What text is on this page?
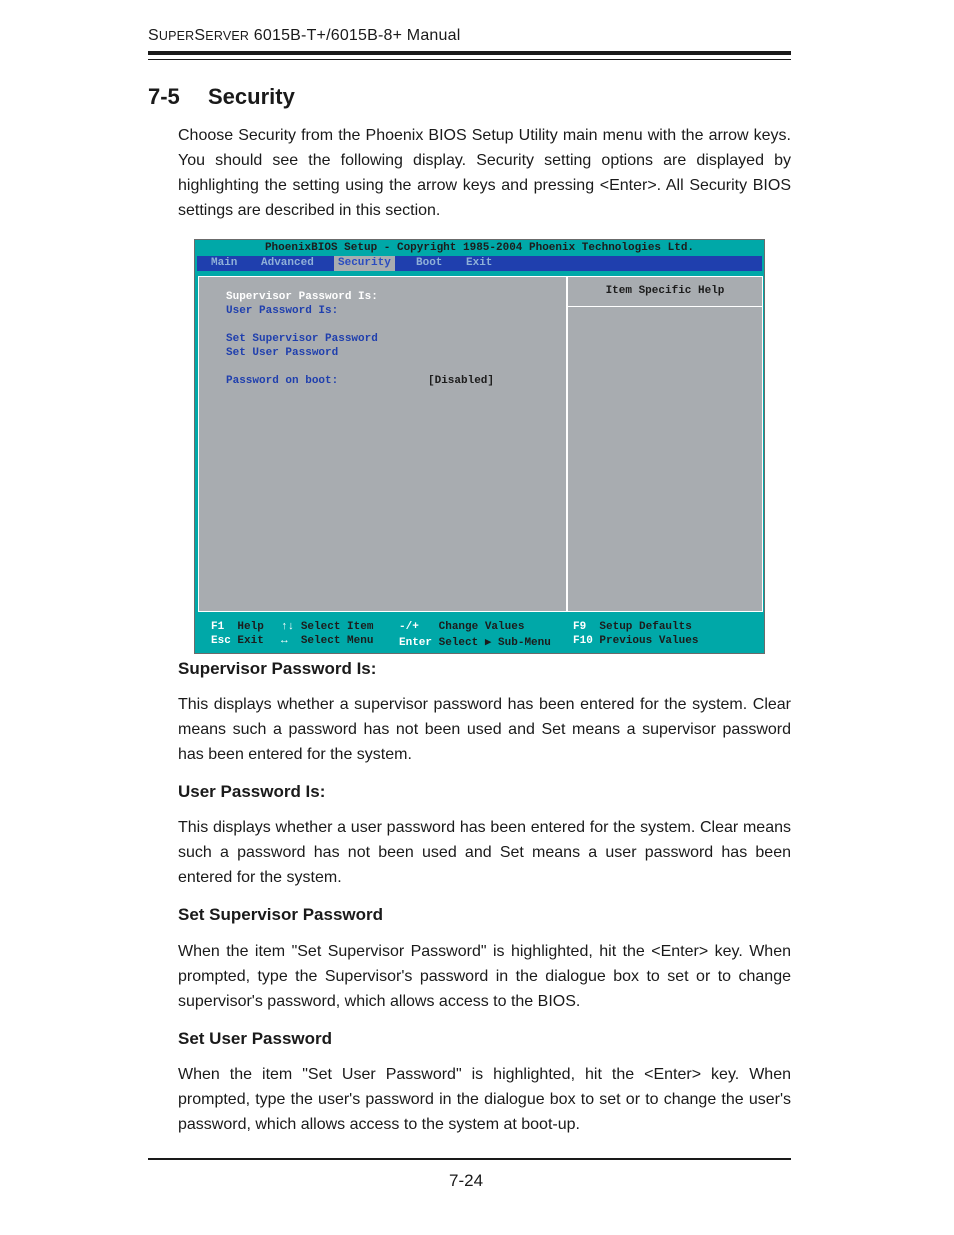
SUPERSERVER 6015B-T+/6015B-8+ Manual
7-5 Security

Choose Security from the Phoenix BIOS Setup Utility main menu with the arrow keys. You should see the following display. Security setting options are displayed by highlighting the setting using the arrow keys and pressing <Enter>. All Security BIOS settings are described in this section.

PhoenixBIOS Setup - Copyright 1985-2004 Phoenix Technologies Ltd.
Main	Advanced	Security	Boot	Exit
Supervisor Password Is:
User Password Is:
Set Supervisor Password
Set User Password
Password on boot:	[Disabled]
Item Specific Help
F1 Help ↑↓ Select Item -/+ Change Values	F9 Setup Defaults
Esc Exit ↔ Select Menu Enter Select ▶ Sub-Menu F10 Previous Values
Supervisor Password Is:

This displays whether a supervisor password has been entered for the system. Clear means such a password has not been used and Set means a supervisor password has been entered for the system.

User Password Is:

This displays whether a user password has been entered for the system. Clear means such a password has not been used and Set means a user password has been entered for the system.

Set Supervisor Password

When the item "Set Supervisor Password" is highlighted, hit the <Enter> key. When prompted, type the Supervisor's password in the dialogue box to set or to change supervisor's password, which allows access to the BIOS.

Set User Password

When the item "Set User Password" is highlighted, hit the <Enter> key. When prompted, type the user's password in the dialogue box to set or to change the user's password, which allows access to the system at boot-up.

7-24
